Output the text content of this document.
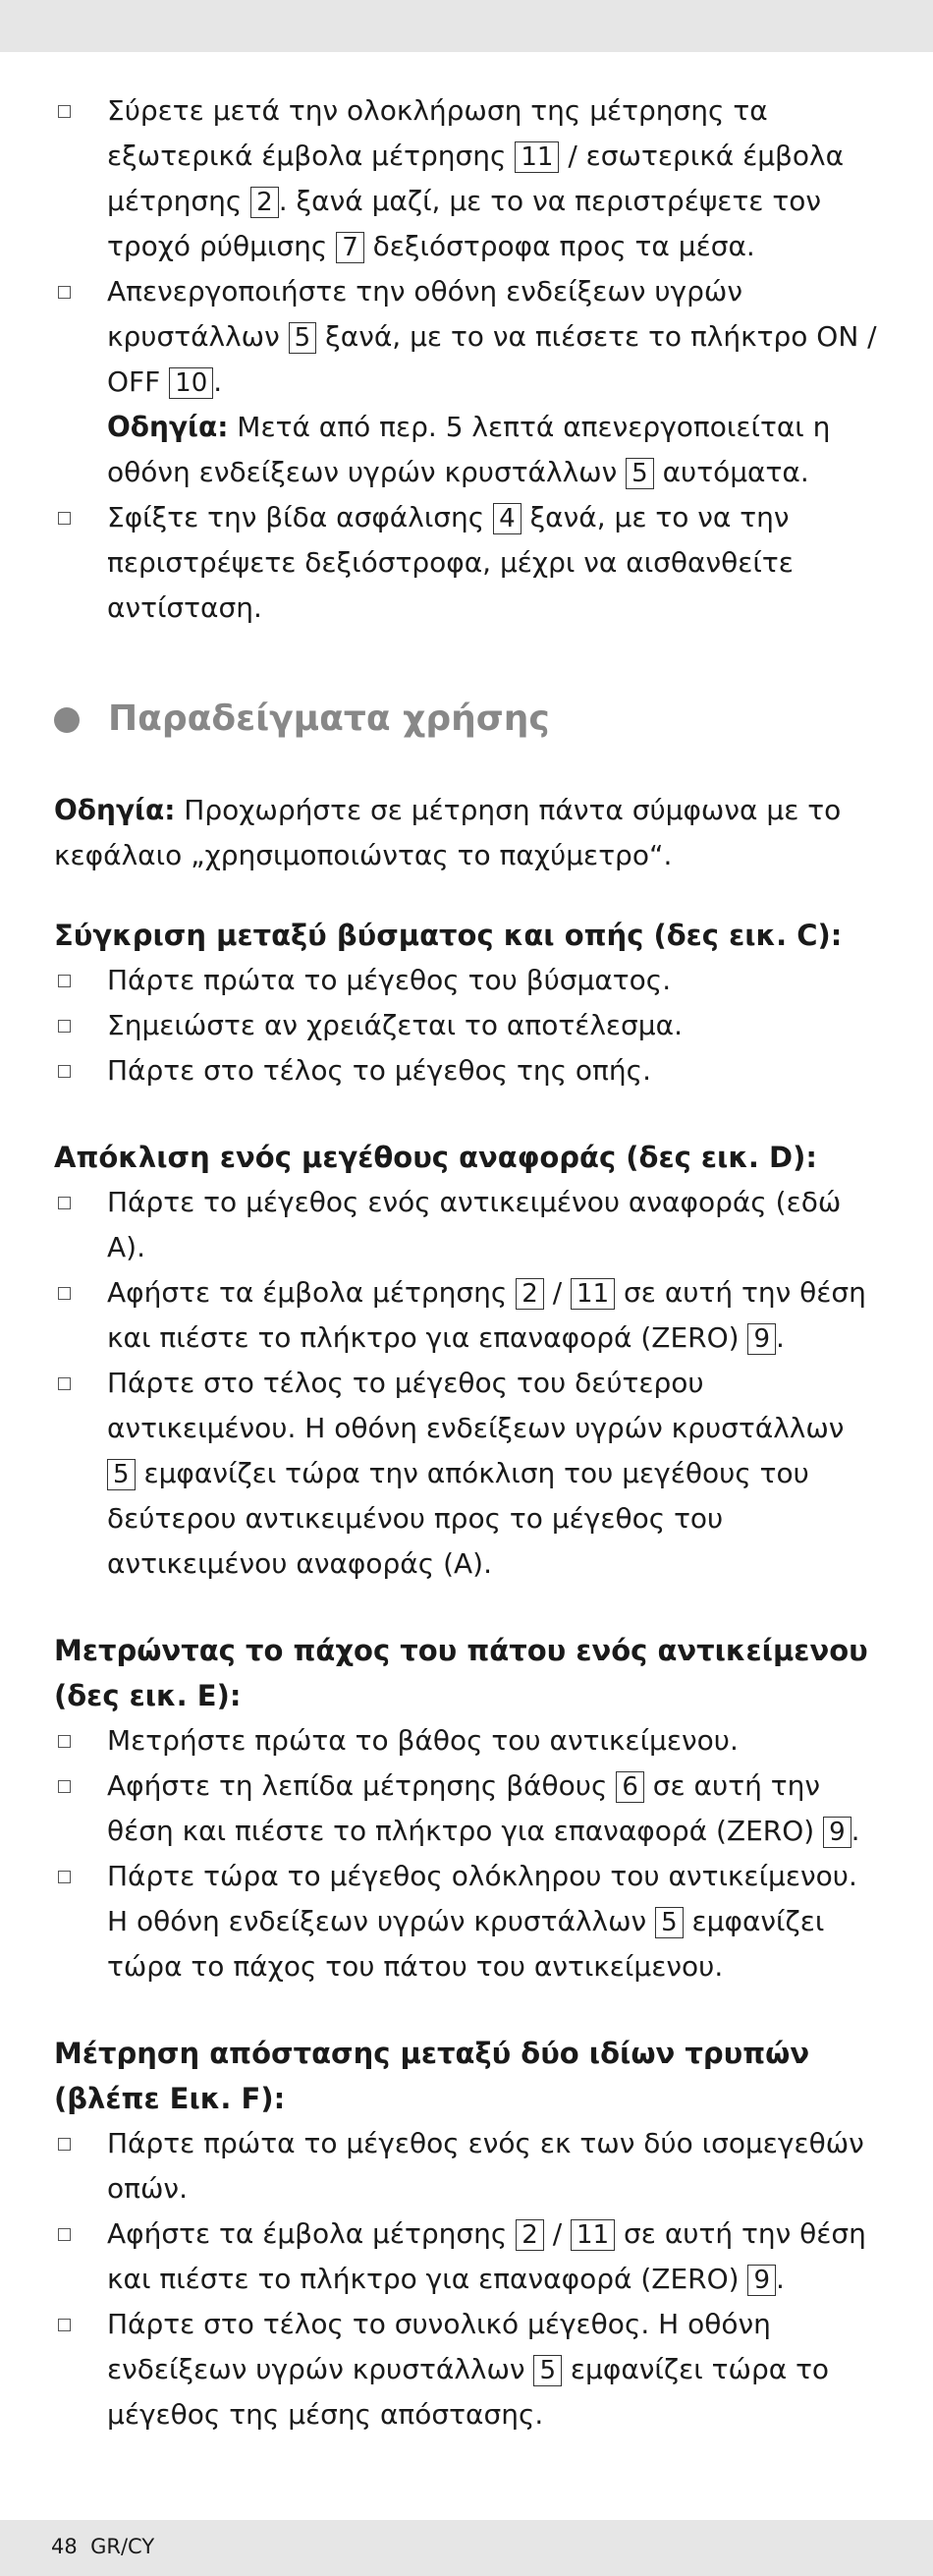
Σύρετε μετά την ολοκλήρωση της μέτρησης τα εξωτερικά έμβολα μέτρησης 11 / εσωτερικά έμβολα μέτρησης 2 . ξανά μαζί, με το να περιστρέψετε τον τροχό ρύθμισης 7 δεξιόστροφα προς τα μέσα.
Απενεργοποιήστε την οθόνη ενδείξεων υγρών κρυστάλλων 5 ξανά, με το να πιέσετε το πλήκτρο ON / OFF 10 .
Οδηγία: Μετά από περ. 5 λεπτά απενεργοποιείται η οθόνη ενδείξεων υγρών κρυστάλλων 5 αυτόματα.
Σφίξτε την βίδα ασφάλισης 4 ξανά, με το να την περιστρέψετε δεξιόστροφα, μέχρι να αισθανθείτε αντίσταση.
Παραδείγματα χρήσης
Οδηγία: Προχωρήστε σε μέτρηση πάντα σύμφωνα με το κεφάλαιο „χρησιμοποιώντας το παχύμετρο“.
Σύγκριση μεταξύ βύσματος και οπής (δες εικ. C):
Πάρτε πρώτα το μέγεθος του βύσματος.
Σημειώστε αν χρειάζεται το αποτέλεσμα.
Πάρτε στο τέλος το μέγεθος της οπής.
Απόκλιση ενός μεγέθους αναφοράς (δες εικ. D):
Πάρτε το μέγεθος ενός αντικειμένου αναφοράς (εδώ A).
Αφήστε τα έμβολα μέτρησης 2 / 11 σε αυτή την θέση και πιέστε το πλήκτρο για επαναφορά (ZERO) 9 .
Πάρτε στο τέλος το μέγεθος του δεύτερου αντικειμένου. Η οθόνη ενδείξεων υγρών κρυστάλλων 5 εμφανίζει τώρα την απόκλιση του μεγέθους του δεύτερου αντικειμένου προς το μέγεθος του αντικειμένου αναφοράς (A).
Μετρώντας το πάχος του πάτου ενός αντικείμενου (δες εικ. E):
Μετρήστε πρώτα το βάθος του αντικείμενου.
Αφήστε τη λεπίδα μέτρησης βάθους 6 σε αυτή την θέση και πιέστε το πλήκτρο για επαναφορά (ZERO) 9 .
Πάρτε τώρα το μέγεθος ολόκληρου του αντικείμενου. Η οθόνη ενδείξεων υγρών κρυστάλλων 5 εμφανίζει τώρα το πάχος του πάτου του αντικείμενου.
Μέτρηση απόστασης μεταξύ δύο ιδίων τρυπών (βλέπε Εικ. F):
Πάρτε πρώτα το μέγεθος ενός εκ των δύο ισομεγεθών οπών.
Αφήστε τα έμβολα μέτρησης 2 / 11 σε αυτή την θέση και πιέστε το πλήκτρο για επαναφορά (ZERO) 9 .
Πάρτε στο τέλος το συνολικό μέγεθος. Η οθόνη ενδείξεων υγρών κρυστάλλων 5 εμφανίζει τώρα το μέγεθος της μέσης απόστασης.
48 GR/CY
